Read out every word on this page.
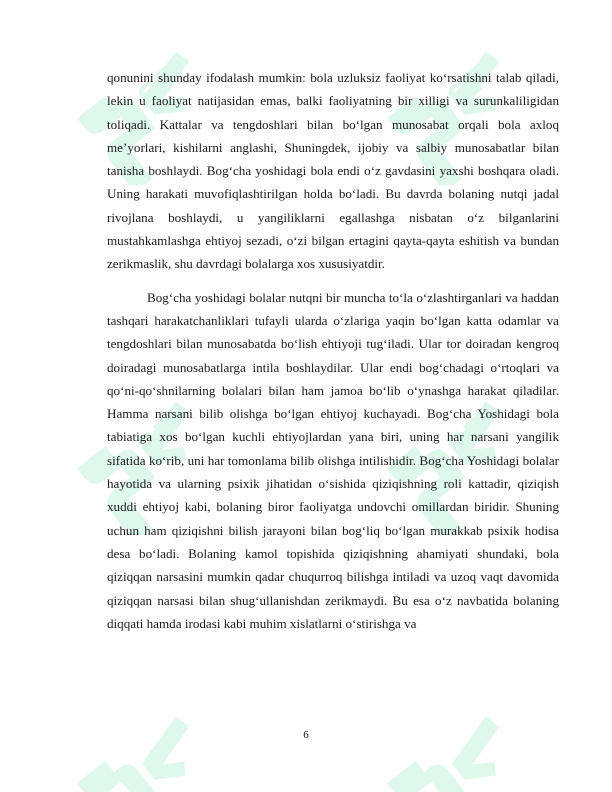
SF	SF
SF	SF

qonunini shunday ifodalash mumkin: bola uzluksiz faoliyat ko‘rsatishni talab qiladi, lekin u faoliyat natijasidan emas, balki faoliyatning bir xilligi va surunkaliligidan toliqadi. Kattalar va tengdoshlari bilan bo‘lgan munosabat orqali bola axloq me’yorlari, kishilarni anglashi, Shuningdek, ijobiy va salbiy munosabatlar bilan tanisha boshlaydi. Bog‘cha yoshidagi bola endi o‘z gavdasini yaxshi boshqara oladi. Uning harakati muvofiqlashtirilgan holda bo‘ladi. Bu davrda bolaning nutqi jadal rivojlana boshlaydi, u yangiliklarni egallashga nisbatan o‘z bilganlarini mustahkamlashga ehtiyoj sezadi, o‘zi bilgan ertagini qayta-qayta eshitish va bundan zerikmaslik, shu davrdagi bolalarga xos xususiyatdir.

Bog‘cha yoshidagi bolalar nutqni bir muncha to‘la o‘zlashtirganlari va haddan tashqari harakatchanliklari tufayli ularda o‘zlariga yaqin bo‘lgan katta odamlar va tengdoshlari bilan munosabatda bo‘lish ehtiyoji tug‘iladi. Ular tor doiradan kengroq doiradagi munosabatlarga intila boshlaydilar. Ular endi bog‘chadagi o‘rtoqlari va qo‘ni-qo‘shnilarning bolalari bilan ham jamoa bo‘lib o‘ynashga harakat qiladilar. Hamma narsani bilib olishga bo‘lgan ehtiyoj kuchayadi. Bog‘cha Yoshidagi bola tabiatiga xos bo‘lgan kuchli ehtiyojlardan yana biri, uning har narsani yangilik sifatida ko‘rib, uni har tomonlama bilib olishga intilishidir. Bog‘cha Yoshidagi bolalar hayotida va ularning psixik jihatidan o‘sishida qiziqishning roli kattadir, qiziqish xuddi ehtiyoj kabi, bolaning biror faoliyatga undovchi omillardan biridir. Shuning uchun ham qiziqishni bilish jarayoni bilan bog‘liq bo‘lgan murakkab psixik hodisa desa bo‘ladi. Bolaning kamol topishida qiziqishning ahamiyati shundaki, bola qiziqqan narsasini mumkin qadar chuqurroq bilishga intiladi va uzoq vaqt davomida qiziqqan narsasi bilan shug‘ullanishdan zerikmaydi. Bu esa o‘z navbatida bolaning diqqati hamda irodasi kabi muhim xislatlarni o‘stirishga va

6
